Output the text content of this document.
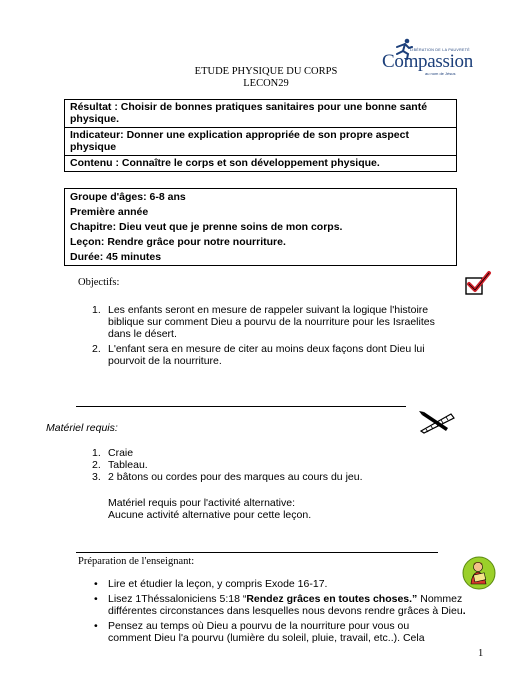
ETUDE PHYSIQUE DU CORPS
LECON29
LIBÉRATION DE LA PAUVRETÉ
Compassion
au nom de Jésus
Résultat : Choisir de bonnes pratiques sanitaires pour une bonne santé physique.
Indicateur: Donner une explication appropriée de son propre aspect physique
Contenu : Connaître le corps et son développement physique.
Groupe d'âges: 6-8 ans
Première année
Chapitre: Dieu veut que je prenne soins de mon corps.
Leçon: Rendre grâce pour notre nourriture.
Durée: 45 minutes
Objectifs:
1. Les enfants seront en mesure de rappeler suivant la logique l'histoire biblique sur comment Dieu a pourvu de la nourriture pour les Israelites dans le désert.
2. L'enfant sera en mesure de citer au moins deux façons dont Dieu lui pourvoit de la nourriture.
Matériel requis:
1. Craie
2. Tableau.
3. 2 bâtons ou cordes pour des marques au cours du jeu.
Matériel requis pour l'activité alternative:
Aucune activité alternative pour cette leçon.
Préparation de l'enseignant:
• Lire et étudier la leçon, y compris Exode 16-17.
• Lisez 1Théssaloniciens 5:18 “Rendez grâces en toutes choses.” Nommez différentes circonstances dans lesquelles nous devons rendre grâces à Dieu.
• Pensez au temps où Dieu a pourvu de la nourriture pour vous ou comment Dieu l'a pourvu (lumière du soleil, pluie, travail, etc..). Cela
1
